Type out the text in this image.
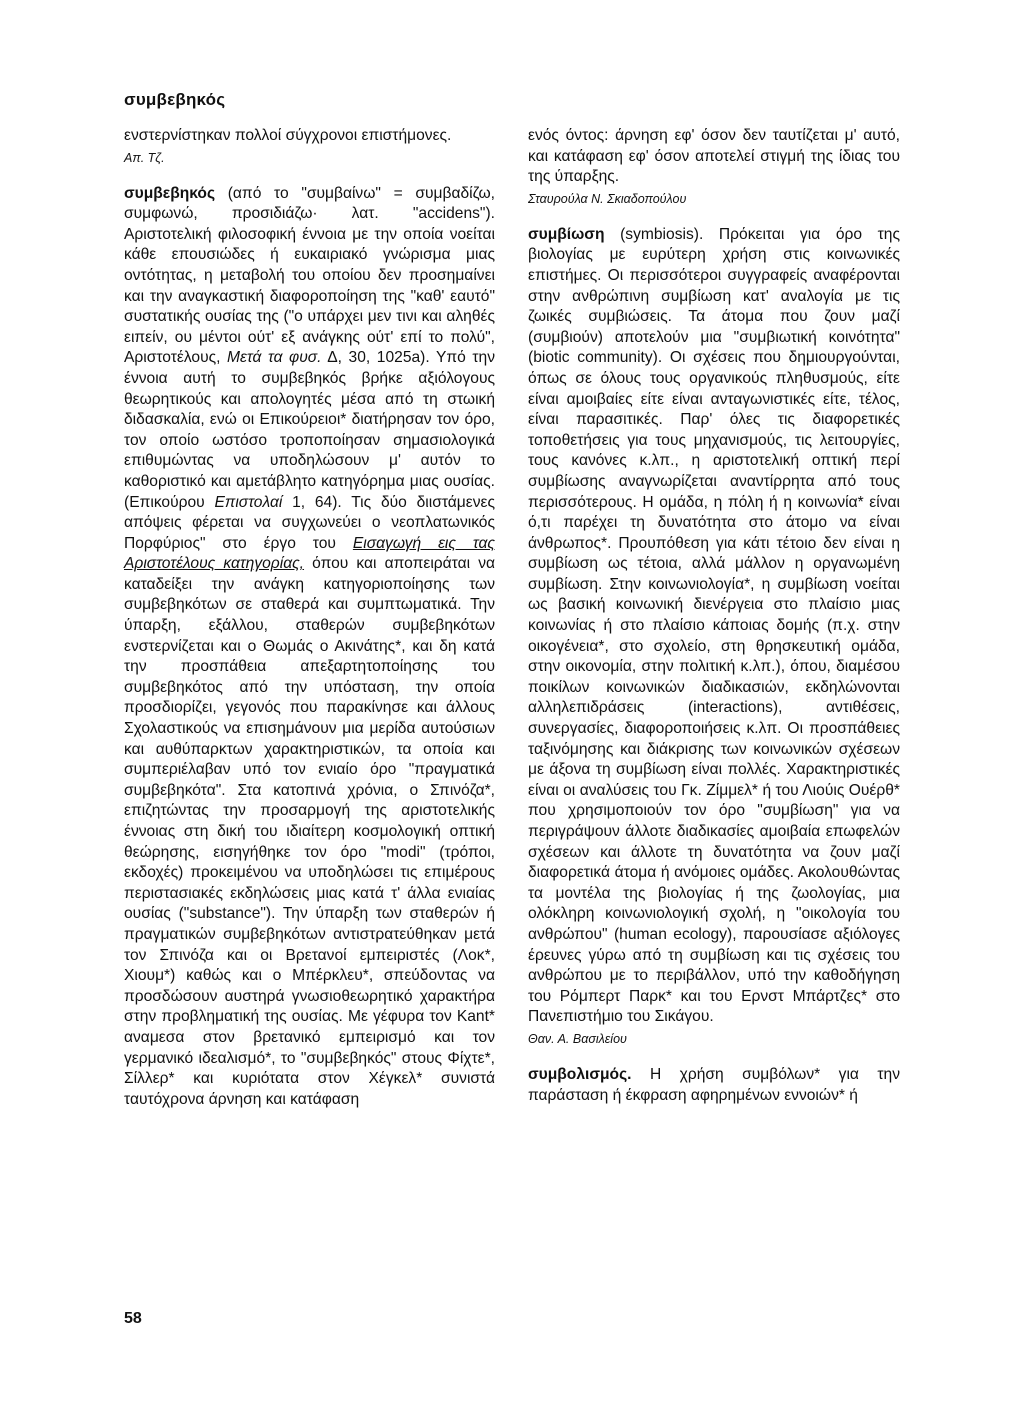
συμβεβηκός

ενστερνίστηκαν πολλοί σύγχρονοι επιστήμονες.

Απ. Τζ.

συμβεβηκός (από το "συμβαίνω" = συμβαδίζω, συμφωνώ, προσιδιάζω· λατ. "accidens"). Αριστοτελική φιλοσοφική έννοια με την οποία νοείται κάθε επουσιώδες ή ευκαιριακό γνώρισμα μιας οντότητας, η μεταβολή του οποίου δεν προσημαίνει και την αναγκαστική διαφοροποίηση της "καθ' εαυτό" συστατικής ουσίας της ("ο υπάρχει μεν τινι και αληθές ειπείν, ου μέντοι ούτ' εξ ανάγκης ούτ' επί το πολύ", Αριστοτέλους, Μετά τα φυσ. Δ, 30, 1025a). Υπό την έννοια αυτή το συμβεβηκός βρήκε αξιόλογους θεωρητικούς και απολογητές μέσα από τη στωική διδασκαλία, ενώ οι Επικούρειοι* διατήρησαν τον όρο, τον οποίο ωστόσο τροποποίησαν σημασιολογικά επιθυμώντας να υποδηλώσουν μ' αυτόν το καθοριστικό και αμετάβλητο κατηγόρημα μιας ουσίας. (Επικούρου Επιστολαί 1, 64). Τις δύο διιστάμενες απόψεις φέρεται να συγχωνεύει ο νεοπλατωνικός Πορφύριος" στο έργο του Εισαγωγή εις τας Αριστοτέλους κατηγορίας, όπου και αποπειράται να καταδείξει την ανάγκη κατηγοριοποίησης των συμβεβηκότων σε σταθερά και συμπτωματικά. Την ύπαρξη, εξάλλου, σταθερών συμβεβηκότων ενστερνίζεται και ο Θωμάς ο Ακινάτης*, και δη κατά την προσπάθεια απεξαρτητοποίησης του συμβεβηκότος από την υπόσταση, την οποία προσδιορίζει, γεγονός που παρακίνησε και άλλους Σχολαστικούς να επισημάνουν μια μερίδα αυτούσιων και αυθύπαρκτων χαρακτηριστικών, τα οποία και συμπεριέλαβαν υπό τον ενιαίο όρο "πραγματικά συμβεβηκότα". Στα κατοπινά χρόνια, ο Σπινόζα*, επιζητώντας την προσαρμογή της αριστοτελικής έννοιας στη δική του ιδιαίτερη κοσμολογική οπτική θεώρησης, εισηγήθηκε τον όρο "modi" (τρόποι, εκδοχές) προκειμένου να υποδηλώσει τις επιμέρους περιστασιακές εκδηλώσεις μιας κατά τ' άλλα ενιαίας ουσίας ("substance"). Την ύπαρξη των σταθερών ή πραγματικών συμβεβηκότων αντιστρατεύθηκαν μετά τον Σπινόζα και οι Βρετανοί εμπειριστές (Λοκ*, Χιουμ*) καθώς και ο Μπέρκλευ*, σπεύδοντας να προσδώσουν αυστηρά γνωσιοθεωρητικό χαρακτήρα στην προβληματική της ουσίας. Με γέφυρα τον Kant* αναμεσα στον βρετανικό εμπειρισμό και τον γερμανικό ιδεαλισμό*, το "συμβεβηκός" στους Φίχτε*, Σίλλερ* και κυριότατα στον Χέγκελ* συνιστά ταυτόχρονα άρνηση και κατάφαση

ενός όντος: άρνηση εφ' όσον δεν ταυτίζεται μ' αυτό, και κατάφαση εφ' όσον αποτελεί στιγμή της ίδιας του της ύπαρξης.

Σταυρούλα Ν. Σκιαδοπούλου

συμβίωση (symbiosis). Πρόκειται για όρο της βιολογίας με ευρύτερη χρήση στις κοινωνικές επιστήμες. Οι περισσότεροι συγγραφείς αναφέρονται στην ανθρώπινη συμβίωση κατ' αναλογία με τις ζωικές συμβιώσεις. Τα άτομα που ζουν μαζί (συμβιούν) αποτελούν μια "συμβιωτική κοινότητα" (biotic community). Οι σχέσεις που δημιουργούνται, όπως σε όλους τους οργανικούς πληθυσμούς, είτε είναι αμοιβαίες είτε είναι ανταγωνιστικές είτε, τέλος, είναι παρασιτικές. Παρ' όλες τις διαφορετικές τοποθετήσεις για τους μηχανισμούς, τις λειτουργίες, τους κανόνες κ.λπ., η αριστοτελική οπτική περί συμβίωσης αναγνωρίζεται αναντίρρητα από τους περισσότερους. Η ομάδα, η πόλη ή η κοινωνία* είναι ό,τι παρέχει τη δυνατότητα στο άτομο να είναι άνθρωπος*. Προυπόθεση για κάτι τέτοιο δεν είναι η συμβίωση ως τέτοια, αλλά μάλλον η οργανωμένη συμβίωση. Στην κοινωνιολογία*, η συμβίωση νοείται ως βασική κοινωνική διενέργεια στο πλαίσιο μιας κοινωνίας ή στο πλαίσιο κάποιας δομής (π.χ. στην οικογένεια*, στο σχολείο, στη θρησκευτική ομάδα, στην οικονομία, στην πολιτική κ.λπ.), όπου, διαμέσου ποικίλων κοινωνικών διαδικασιών, εκδηλώνονται αλληλεπιδράσεις (interactions), αντιθέσεις, συνεργασίες, διαφοροποιήσεις κ.λπ. Οι προσπάθειες ταξινόμησης και διάκρισης των κοινωνικών σχέσεων με άξονα τη συμβίωση είναι πολλές. Χαρακτηριστικές είναι οι αναλύσεις του Γκ. Ζίμμελ* ή του Λιούις Ουέρθ* που χρησιμοποιούν τον όρο "συμβίωση" για να περιγράψουν άλλοτε διαδικασίες αμοιβαία επωφελών σχέσεων και άλλοτε τη δυνατότητα να ζουν μαζί διαφορετικά άτομα ή ανόμοιες ομάδες. Ακολουθώντας τα μοντέλα της βιολογίας ή της ζωολογίας, μια ολόκληρη κοινωνιολογική σχολή, η "οικολογία του ανθρώπου" (human ecology), παρουσίασε αξιόλογες έρευνες γύρω από τη συμβίωση και τις σχέσεις του ανθρώπου με το περιβάλλον, υπό την καθοδήγηση του Ρόμπερτ Παρκ* και του Ερνστ Μπάρτζες* στο Πανεπιστήμιο του Σικάγου.

Θαν. Α. Βασιλείου

συμβολισμός. Η χρήση συμβόλων* για την παράσταση ή έκφραση αφηρημένων εννοιών* ή

58
